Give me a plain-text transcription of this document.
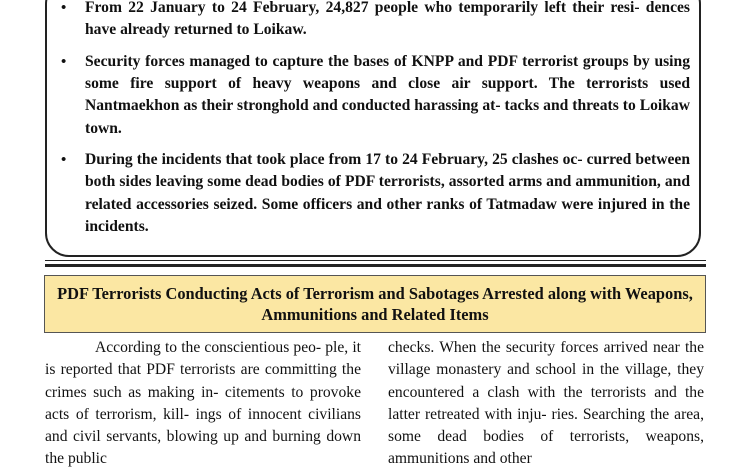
• From 22 January to 24 February, 24,827 people who temporarily left their resi- dences have already returned to Loikaw.
• Security forces managed to capture the bases of KNPP and PDF terrorist groups by using some fire support of heavy weapons and close air support. The terrorists used Nantmaekhon as their stronghold and conducted harassing at- tacks and threats to Loikaw town.
• During the incidents that took place from 17 to 24 February, 25 clashes oc- curred between both sides leaving some dead bodies of PDF terrorists, assorted arms and ammunition, and related accessories seized. Some officers and other ranks of Tatmadaw were injured in the incidents.
PDF Terrorists Conducting Acts of Terrorism and Sabotages Arrested along with Weapons, Ammunitions and Related Items

According to the conscientious peo- ple, it is reported that PDF terrorists are committing the crimes such as making in- citements to provoke acts of terrorism, kill- ings of innocent civilians and civil servants, blowing up and burning down the public

checks. When the security forces arrived near the village monastery and school in the village, they encountered a clash with the terrorists and the latter retreated with inju- ries. Searching the area, some dead bodies of terrorists, weapons, ammunitions and other
